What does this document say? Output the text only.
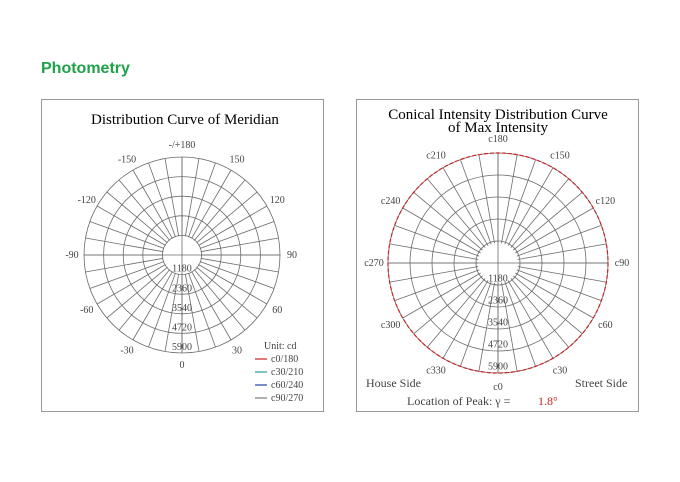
Photometry
Distribution Curve of Meridian
-/+180
150
120
90
60
30
0
-30
-60
-90
-120
-150
1180
2360
3540
4720
5900	Unit: cd
c0/180
c30/210
c60/240
c90/270
Conical Intensity Distribution Curve
of Max Intensity
c180
c150
c120
c90
c60
c30
c0
c330
c300
c270
c240
c210
1180
2360
3540
4720
5900
House Side	Street Side
Location of Peak: γ = 1.8°
